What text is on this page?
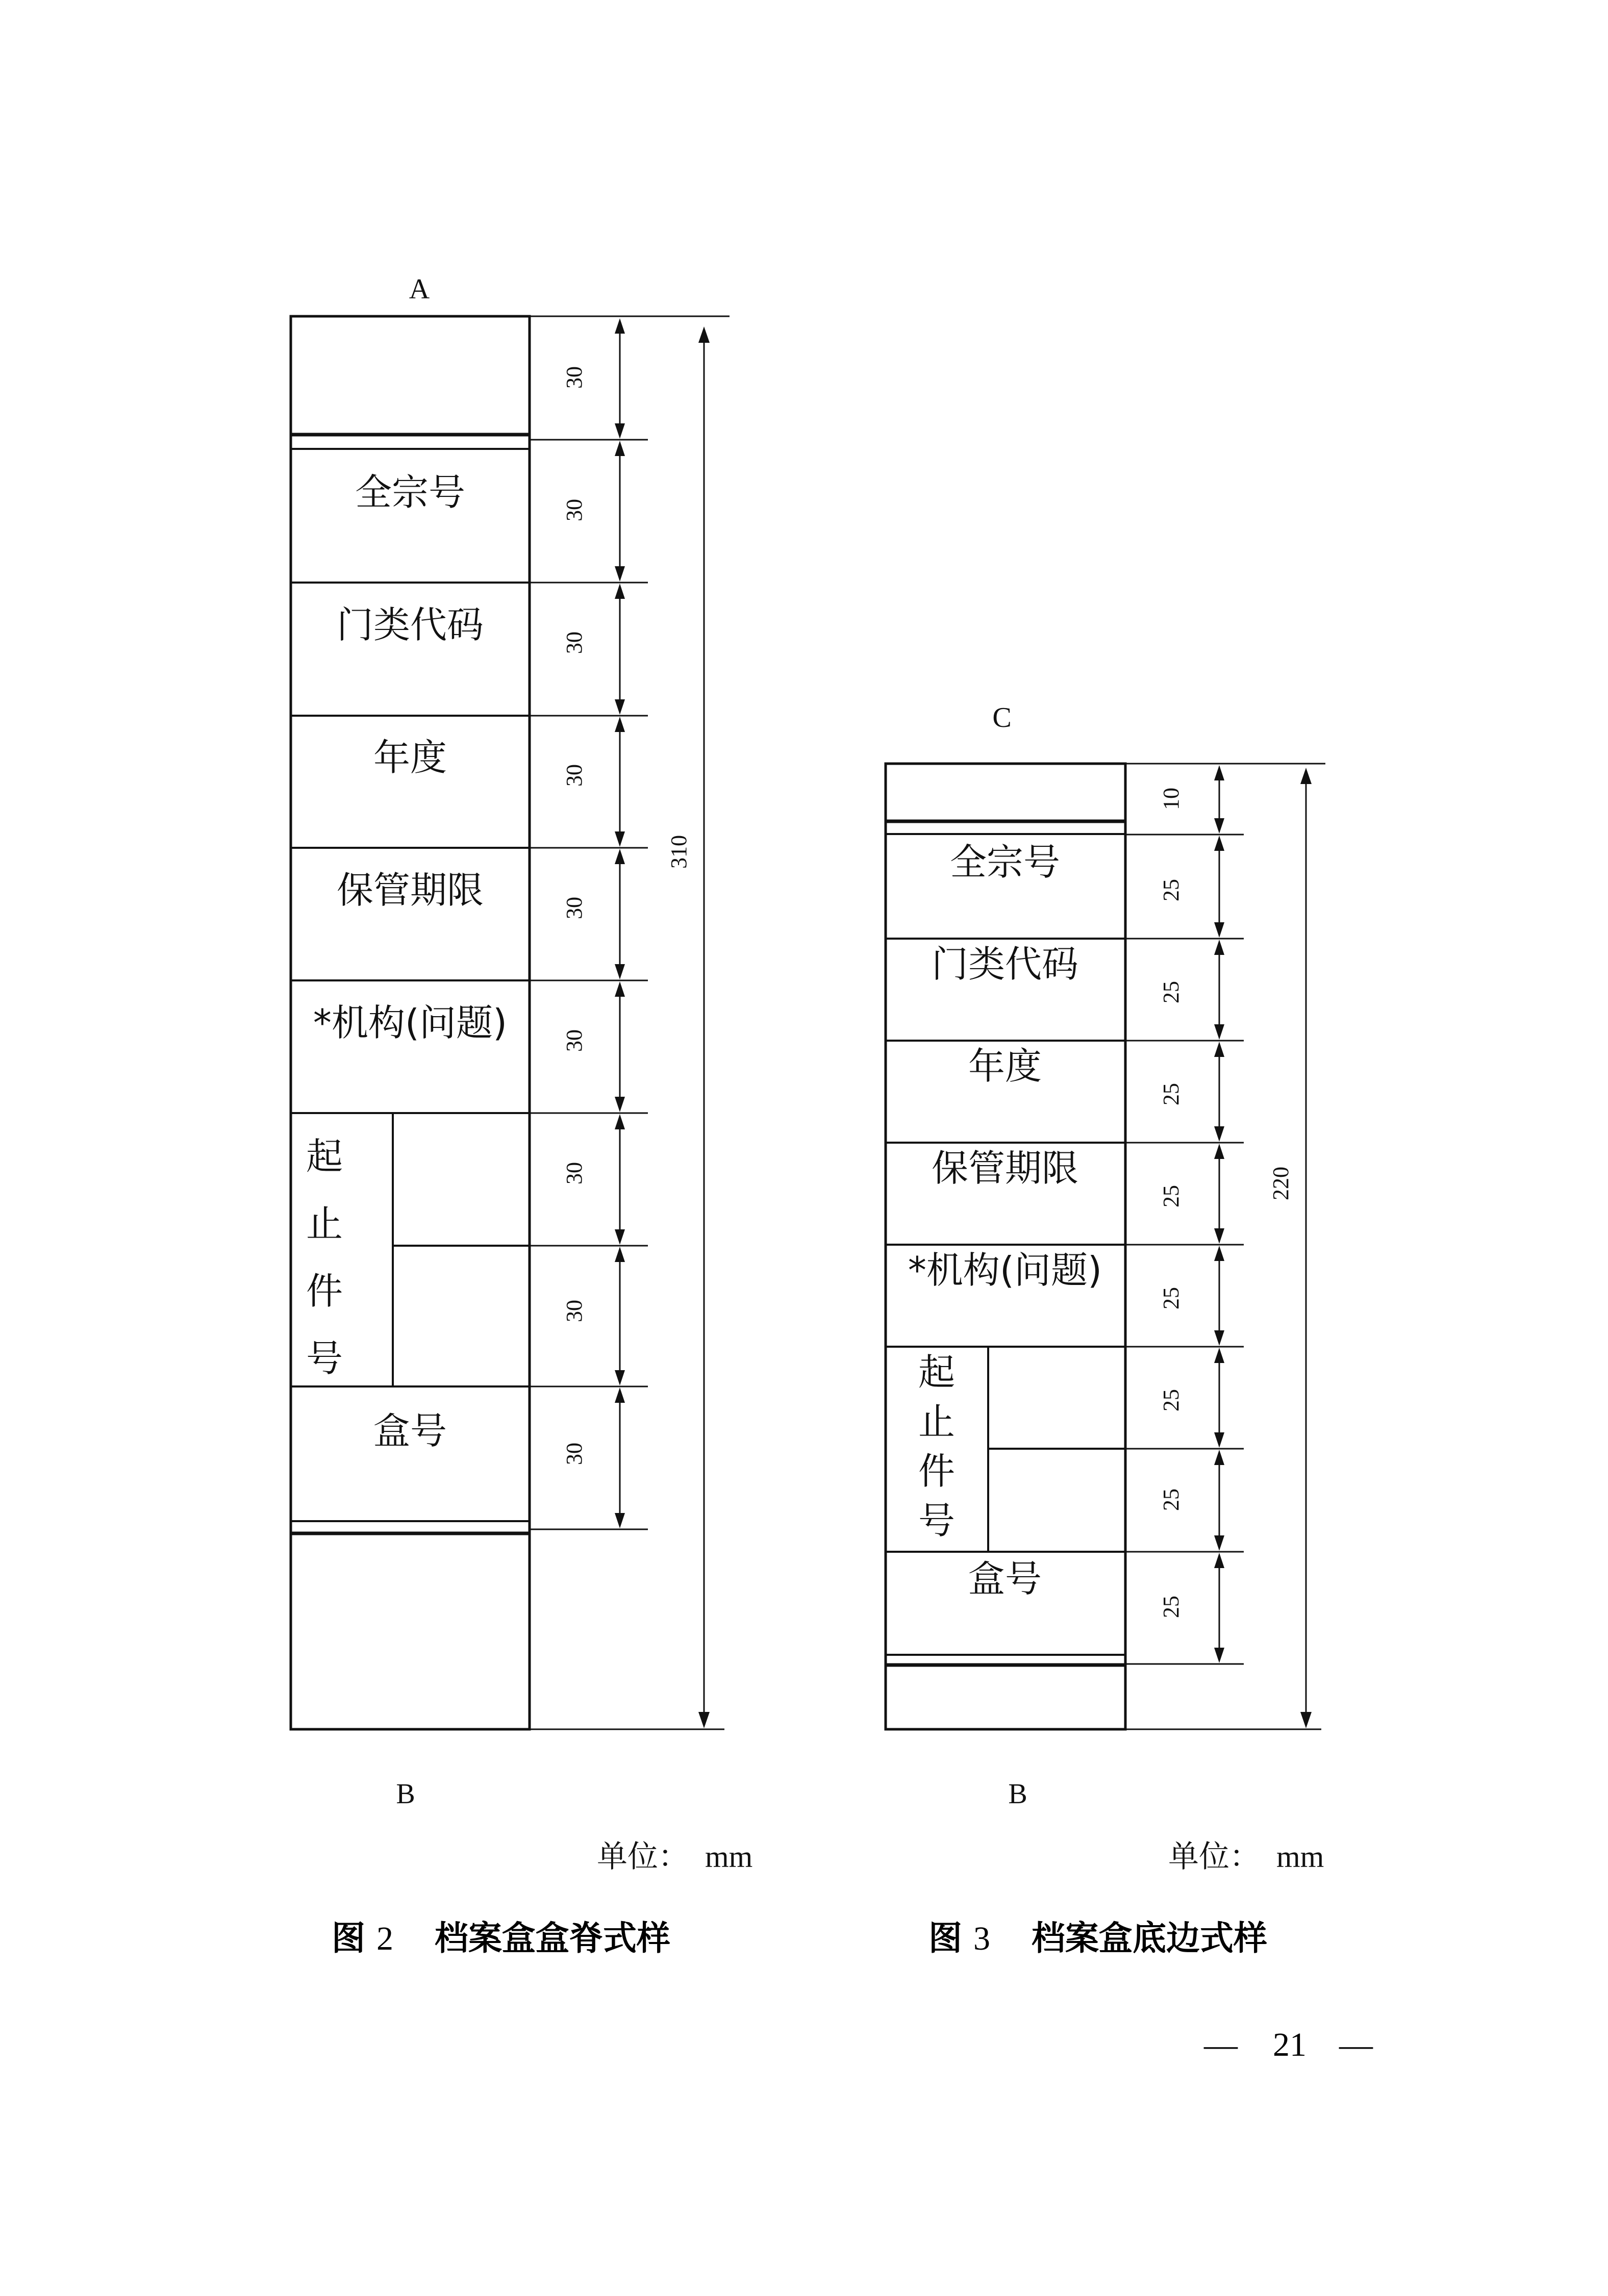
A
全宗号
门类代码
年度
保管期限
*机构(问题)
起
止
件
号
盒号
30
30
30
30
30
30
30
30
30
310
B
单位： mm
图 2 档案盒盒脊式样
C
全宗号
门类代码
年度
保管期限
*机构(问题)
起
止
件
号
盒号
10
25
25
25
25
25
25
25
25
220
B
单位： mm
图 3 档案盒底边式样
— 21 —
